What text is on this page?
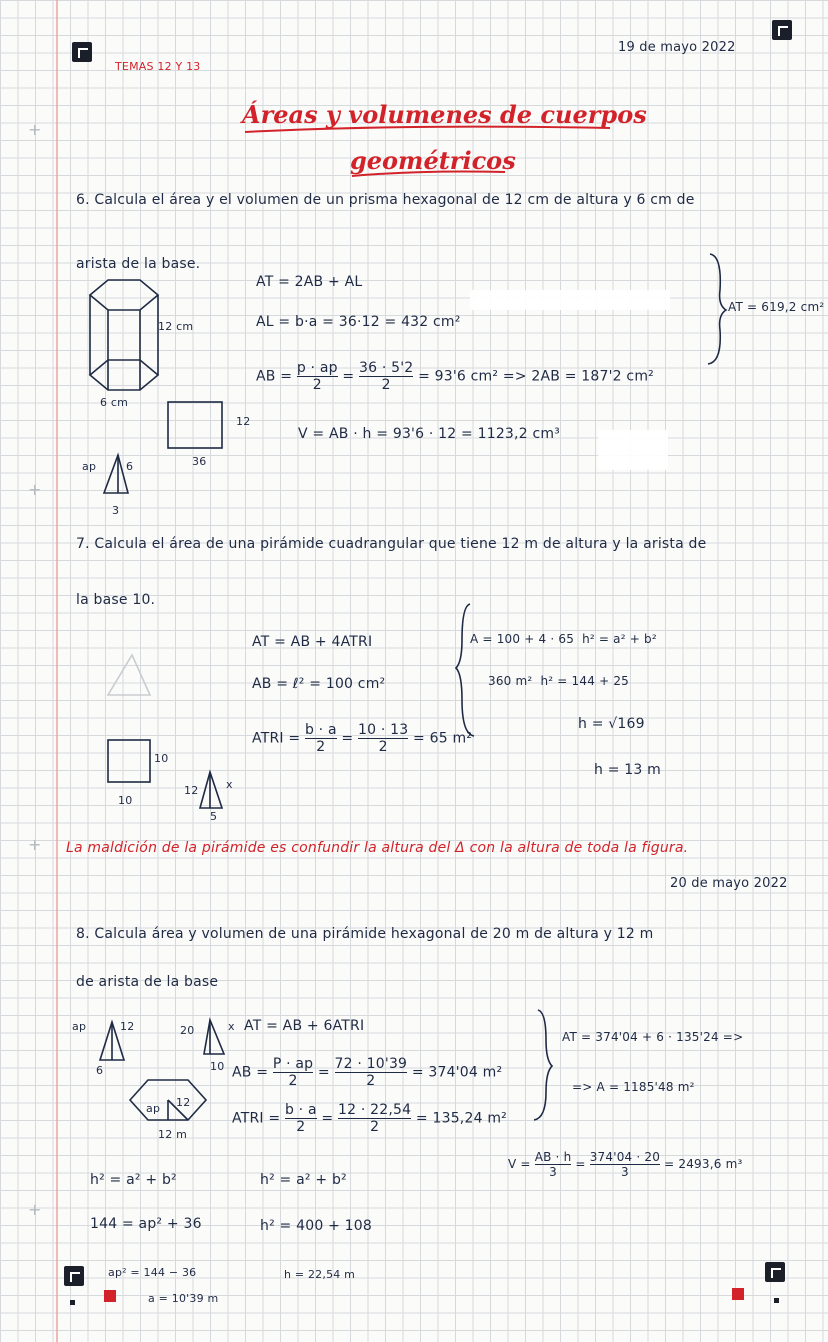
+
+
+
+
TEMAS 12 Y 13
19 de mayo 2022
Áreas y volumenes de cuerpos
geométricos
6. Calcula el área y el volumen de un prisma hexagonal de 12 cm de altura y 6 cm de
arista de la base.
12 cm
6 cm
12
36
ap	6
3
AT = 2AB + AL
AL = b·a = 36·12 = 432 cm²
AB = $\frac{p \cdot ap}{2} = \frac{36 \cdot 5'2}{2} = 93'6$ cm² => 2AB = 187'2 cm²
V = AB · h = 93'6 · 12 = 1123,2 cm³
AT = 619,2 cm²
7. Calcula el área de una pirámide cuadrangular que tiene 12 m de altura y la arista de
la base 10.
10
10
12	x
5
AT = AB + 4ATRI
AB = ℓ² = 100 cm²
ATRI = $\frac{b \cdot a}{2} = \frac{10 \cdot 13}{2} = 65$ m²
A = 100 + 4 · 65 h² = a² + b²
360 m² h² = 144 + 25
h = √169
h = 13 m
La maldición de la pirámide es confundir la altura del Δ con la altura de toda la figura.
20 de mayo 2022
8. Calcula área y volumen de una pirámide hexagonal de 20 m de altura y 12 m
de arista de la base
ap	12
6
20	x
10
ap 12
12 m
AT = AB + 6ATRI
AB = $\frac{P \cdot ap}{2} = \frac{72 \cdot 10'39}{2} = 374'04$ m²
ATRI = $\frac{b \cdot a}{2} = \frac{12 \cdot 22,54}{2} = 135,24$ m²
AT = 374'04 + 6 · 135'24 =>
=> A = 1185'48 m²
$V = \frac{AB \cdot h}{3} = \frac{374'04 \cdot 20}{3} = 2493,6$ m³
h² = a² + b²
144 = ap² + 36
ap² = 144 − 36
a = 10'39 m
h² = a² + b²
h² = 400 + 108
h = 22,54 m
